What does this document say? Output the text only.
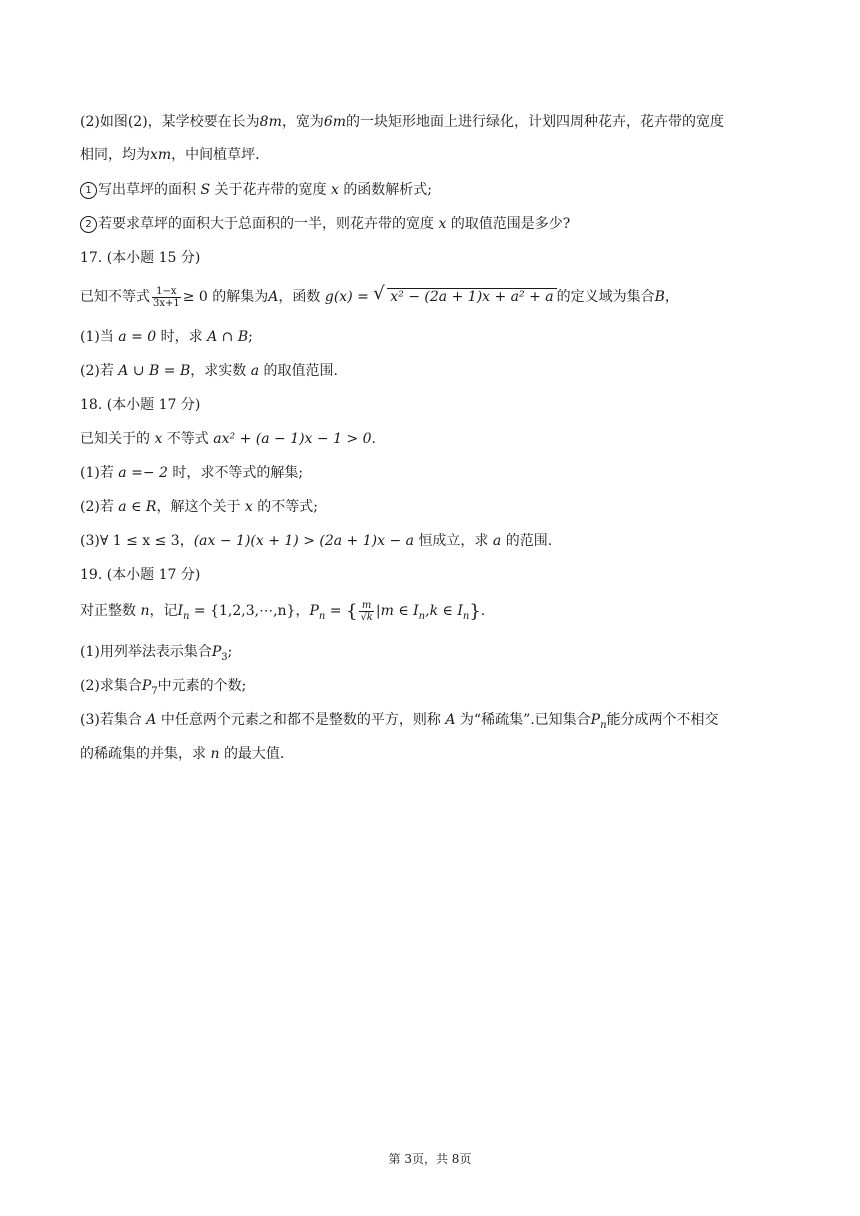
(2)如图(2)，某学校要在长为8m，宽为6m的一块矩形地面上进行绿化，计划四周种花卉，花卉带的宽度
相同，均为xm，中间植草坪.
1 写出草坪的面积 S 关于花卉带的宽度 x 的函数解析式;
2 若要求草坪的面积大于总面积的一半，则花卉带的宽度 x 的取值范围是多少?
17. (本小题 15 分)
已知不等式 $\frac{1-x}{3x+1} \ge 0$ 的解集为A，函数 g(x) = √ x² − (2a + 1)x + a² + a 的定义域为集合B，
(1)当 a = 0 时，求 A ∩ B;
(2)若 A ∪ B = B，求实数 a 的取值范围.
18. (本小题 17 分)
已知关于的 x 不等式 ax² + (a − 1)x − 1 > 0.
(1)若 a =− 2 时，求不等式的解集;
(2)若 a ∈ R，解这个关于 x 的不等式;
(3)∀ 1 ≤ x ≤ 3，(ax − 1)(x + 1) > (2a + 1)x − a 恒成立，求 a 的范围.
19. (本小题 17 分)
对正整数 n，记$I_n$ = {1,2,3,⋯,n}，$P_n$ = { $\frac{m}{√k} |m$ ∈ $I_n,k$ ∈ $I_n$}.
(1)用列举法表示集合$P_3$;
(2)求集合$P_7$中元素的个数;
(3)若集合 A 中任意两个元素之和都不是整数的平方，则称 A 为“稀疏集”.已知集合$P_n$能分成两个不相交
的稀疏集的并集，求 n 的最大值.
第 3页，共 8页
